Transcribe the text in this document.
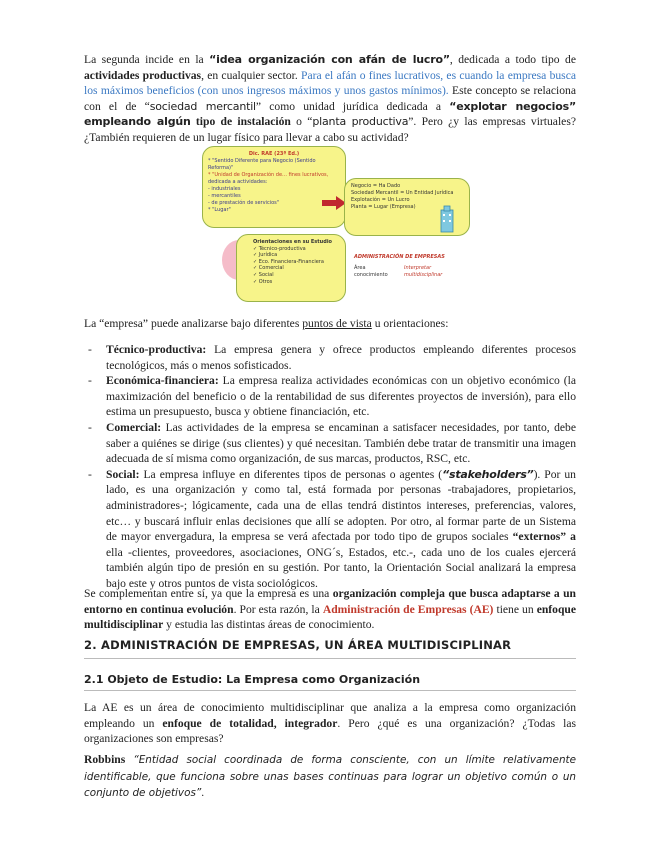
La segunda incide en la “idea organización con afán de lucro”, dedicada a todo tipo de actividades productivas, en cualquier sector. Para el afán o fines lucrativos, es cuando la empresa busca los máximos beneficios (con unos ingresos máximos y unos gastos mínimos). Este concepto se relaciona con el de “sociedad mercantil” como unidad jurídica dedicada a “explotar negocios” empleando algún tipo de instalación o “planta productiva”. Pero ¿y las empresas virtuales? ¿También requieren de un lugar físico para llevar a cabo su actividad?

Dic. RAE (23ª Ed.)
* "Sentido Diferente para Negocio (Sentido Reforma)"
* "Unidad de Organización de… fines lucrativos,
dedicada a actividades:
- industriales
- mercantiles
- de prestación de servicios"
* "Lugar"
Negocio = Ha Dado
Sociedad Mercantil = Un Entidad Jurídica
Explotación = Un Lucro
Planta = Lugar (Empresa)
Orientaciones en su Estudio
✓ Técnico-productiva
✓ Jurídica
✓ Eco. Financiera-Financiera
✓ Comercial
✓ Social
✓ Otros
ADMINISTRACIÓN DE EMPRESAS
Área conocimiento
Interpretar
multidisciplinar

La “empresa” puede analizarse bajo diferentes puntos de vista u orientaciones:

- Técnico-productiva: La empresa genera y ofrece productos empleando diferentes procesos tecnológicos, más o menos sofisticados.
- Económica-financiera: La empresa realiza actividades económicas con un objetivo económico (la maximización del beneficio o de la rentabilidad de sus diferentes proyectos de inversión), para ello estima un presupuesto, busca y obtiene financiación, etc.
- Comercial: Las actividades de la empresa se encaminan a satisfacer necesidades, por tanto, debe saber a quiénes se dirige (sus clientes) y qué necesitan. También debe tratar de transmitir una imagen adecuada de sí misma como organización, de sus marcas, productos, RSC, etc.
- Social: La empresa influye en diferentes tipos de personas o agentes (“stakeholders”). Por un lado, es una organización y como tal, está formada por personas -trabajadores, propietarios, administradores-; lógicamente, cada una de ellas tendrá distintos intereses, preferencias, valores, etc… y buscará influir enlas decisiones que allí se adopten. Por otro, al formar parte de un Sistema de mayor envergadura, la empresa se verá afectada por todo tipo de grupos sociales “externos” a ella -clientes, proveedores, asociaciones, ONG´s, Estados, etc.-, cada uno de los cuales ejercerá también algún tipo de presión en su gestión. Por tanto, la Orientación Social analizará la empresa bajo este y otros puntos de vista sociológicos.

Se complementan entre sí, ya que la empresa es una organización compleja que busca adaptarse a un entorno en continua evolución. Por esta razón, la Administración de Empresas (AE) tiene un enfoque multidisciplinar y estudia las distintas áreas de conocimiento.

2. ADMINISTRACIÓN DE EMPRESAS, UN ÁREA MULTIDISCIPLINAR
2.1 Objeto de Estudio: La Empresa como Organización

La AE es un área de conocimiento multidisciplinar que analiza a la empresa como organización empleando un enfoque de totalidad, integrador. Pero ¿qué es una organización? ¿Todas las organizaciones son empresas?

Robbins “Entidad social coordinada de forma consciente, con un límite relativamente identificable, que funciona sobre unas bases continuas para lograr un objetivo común o un conjunto de objetivos”.
